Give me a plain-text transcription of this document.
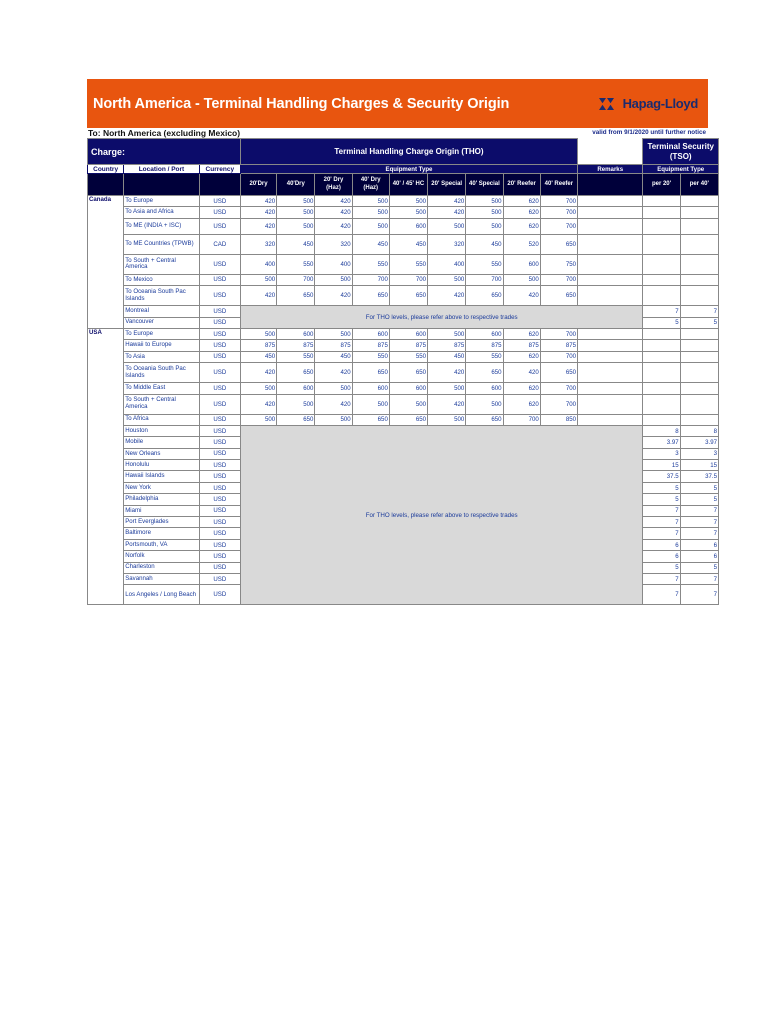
North America - Terminal Handling Charges & Security Origin	Hapag-Lloyd
To: North America (excluding Mexico)	valid from 9/1/2020 until further notice
Charge:			Terminal Handling Charge Origin (THO)										Terminal Security (TSO)	
Country	Location / Port	Currency	Equipment Type									Remarks	Equipment Type	
			20'Dry	40'Dry	20' Dry (Haz)	40' Dry (Haz)	40' / 45' HC	20' Special	40' Special	20' Reefer	40' Reefer		per 20'	per 40'
Canada	To Europe	USD	420	500	420	500	500	420	500	620	700			
	To Asia and Africa	USD	420	500	420	500	500	420	500	620	700			
	To ME (INDIA + ISC)	USD	420	500	420	500	600	500	500	620	700			
	To ME Countries (TPWB)	CAD	320	450	320	450	450	320	450	520	650			
	To South + Central America	USD	400	550	400	550	550	400	550	600	750			
	To Mexico	USD	500	700	500	700	700	500	700	500	700			
	To Oceania South Pac Islands	USD	420	650	420	650	650	420	650	420	650			
	Montreal	USD	For THO levels, please refer above to respective trades										7	7
	Vancouver	USD											5	5
USA	To Europe	USD	500	600	500	600	600	500	600	620	700			
	Hawaii to Europe	USD	875	875	875	875	875	875	875	875	875			
	To Asia	USD	450	550	450	550	550	450	550	620	700			
	To Oceania South Pac Islands	USD	420	650	420	650	650	420	650	420	650			
	To Middle East	USD	500	600	500	600	600	500	600	620	700			
	To South + Central America	USD	420	500	420	500	500	420	500	620	700			
	To Africa	USD	500	650	500	650	650	500	650	700	850			
	Houston	USD	For THO levels, please refer above to respective trades										8	8
	Mobile	USD											3.97	3.97
	New Orleans	USD											3	3
	Honolulu	USD											15	15
	Hawaii Islands	USD											37.5	37.5
	New York	USD											5	5
	Philadelphia	USD											5	5
	Miami	USD											7	7
	Port Everglades	USD											7	7
	Baltimore	USD											7	7
	Portsmouth, VA	USD											6	6
	Norfolk	USD											6	6
	Charleston	USD											5	5
	Savannah	USD											7	7
	Los Angeles / Long Beach	USD											7	7
